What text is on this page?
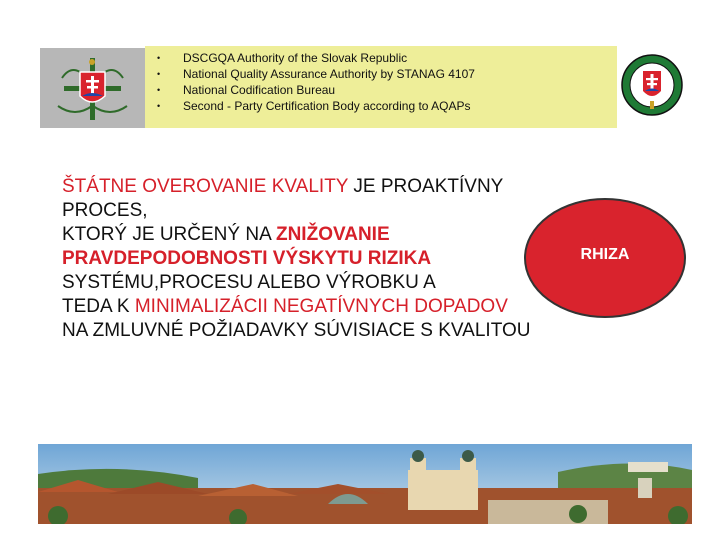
• DSCGQA Authority of the Slovak Republic
• National Quality Assurance Authority by STANAG 4107
• National Codification Bureau
• Second - Party Certification Body according to AQAPs
ŠTÁTNE OVEROVANIE KVALITY JE PROAKTÍVNY
PROCES,
KTORÝ JE URČENÝ NA ZNIŽOVANIE
PRAVDEPODOBNOSTI VÝSKYTU RIZIKA
SYSTÉMU,PROCESU ALEBO VÝROBKU A
TEDA K MINIMALIZÁCII NEGATÍVNYCH DOPADOV
NA ZMLUVNÉ POŽIADAVKY SÚVISIACE S KVALITOU
RHIZA
